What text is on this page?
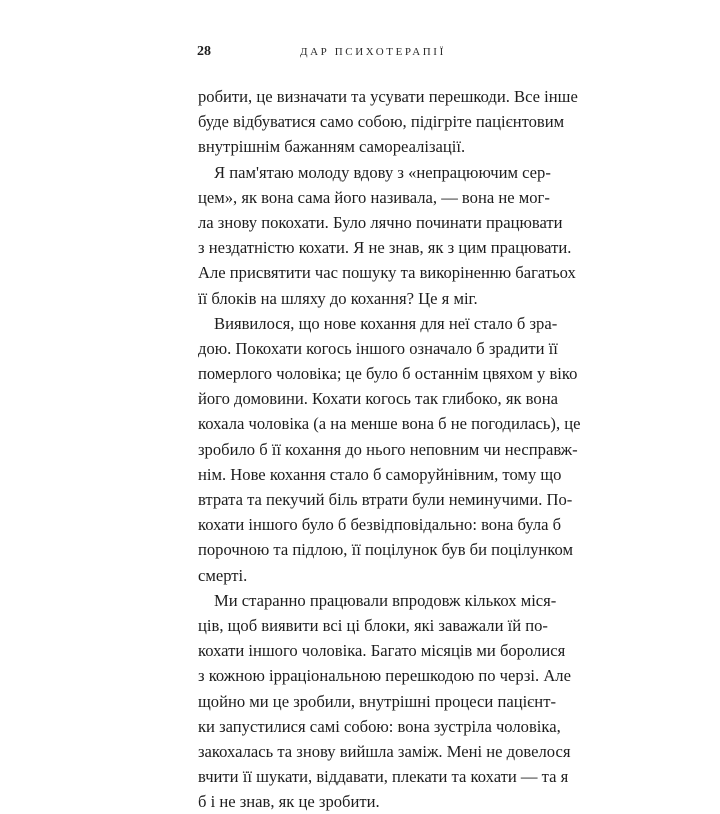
28	ДАР ПСИХОТЕРАПІЇ
робити, це визначати та усувати перешкоди. Все інше
буде відбуватися само собою, підігріте пацієнтовим
внутрішнім бажанням самореалізації.
Я пам'ятаю молоду вдову з «непрацюючим сер-
цем», як вона сама його називала, — вона не мог-
ла знову покохати. Було лячно починати працювати
з нездатністю кохати. Я не знав, як з цим працювати.
Але присвятити час пошуку та викоріненню багатьох
її блоків на шляху до кохання? Це я міг.
Виявилося, що нове кохання для неї стало б зра-
дою. Покохати когось іншого означало б зрадити її
померлого чоловіка; це було б останнім цвяхом у віко
його домовини. Кохати когось так глибоко, як вона
кохала чоловіка (а на менше вона б не погодилась), це
зробило б її кохання до нього неповним чи несправж-
нім. Нове кохання стало б саморуйнівним, тому що
втрата та пекучий біль втрати були неминучими. По-
кохати іншого було б безвідповідально: вона була б
порочною та підлою, її поцілунок був би поцілунком
смерті.
Ми старанно працювали впродовж кількох міся-
ців, щоб виявити всі ці блоки, які заважали їй по-
кохати іншого чоловіка. Багато місяців ми боролися
з кожною ірраціональною перешкодою по черзі. Але
щойно ми це зробили, внутрішні процеси пацієнт-
ки запустилися самі собою: вона зустріла чоловіка,
закохалась та знову вийшла заміж. Мені не довелося
вчити її шукати, віддавати, плекати та кохати — та я
б і не знав, як це зробити.
